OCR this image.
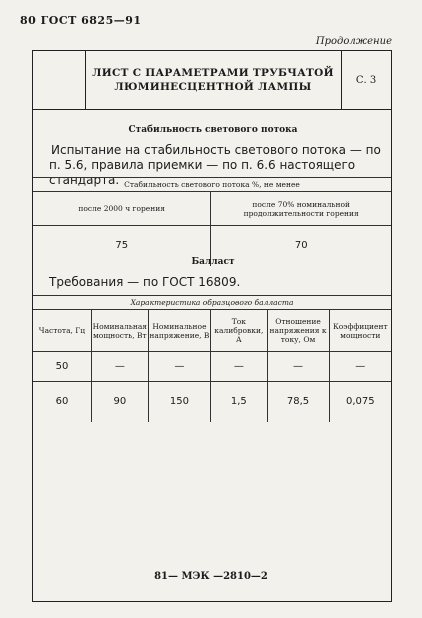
80 ГОСТ 6825—91
Продолжение
ЛИСТ С ПАРАМЕТРАМИ ТРУБЧАТОЙ ЛЮМИНЕСЦЕНТНОЙ ЛАМПЫ
С. 3
Стабильность светового потока
Испытание на стабильность светового потока — по п. 5.6, правила приемки — по п. 6.6 настоящего стандарта. Стабильность светового потока %, не менее	
после 2000 ч горения	после 70% номинальной продолжительности горения
75	70
Балласт
Требования — по ГОСТ 16809.
Характеристика образцового балласта					
Частота, Гц	Номинальная мощность, Вт	Номинальное напряжение, В	Ток калибровки, А	Отношение напряжения к току, Ом	Коэффициент мощности
50	—	—	—	—	—
60	90	150	1,5	78,5	0,075
81— МЭК —2810—2
